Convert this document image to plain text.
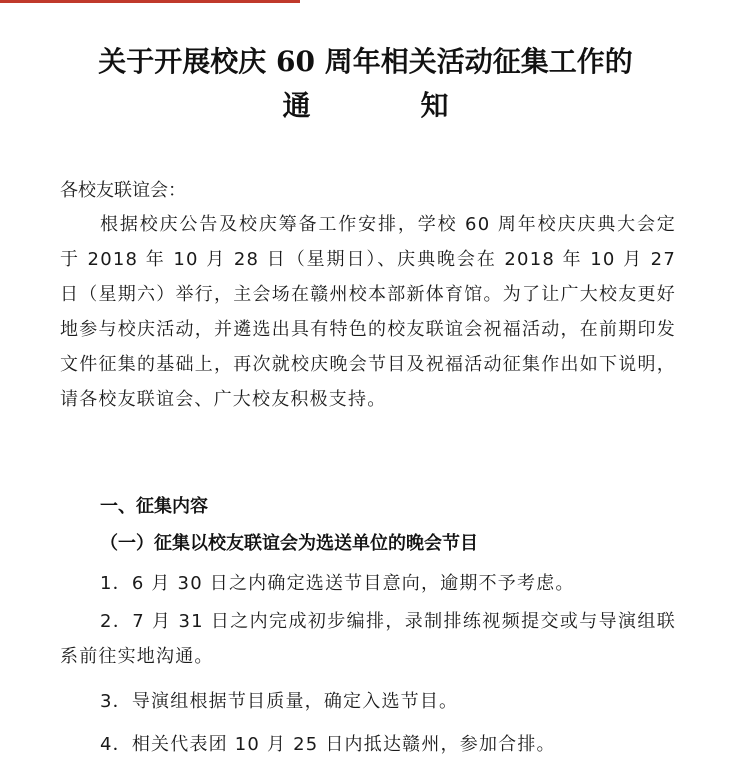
关于开展校庆 60 周年相关活动征集工作的
通	知
各校友联谊会：
根据校庆公告及校庆筹备工作安排，学校 60 周年校庆庆典大会定于 2018 年 10 月 28 日（星期日）、庆典晚会在 2018 年 10 月 27 日（星期六）举行，主会场在赣州校本部新体育馆。为了让广大校友更好地参与校庆活动，并遴选出具有特色的校友联谊会祝福活动，在前期印发文件征集的基础上，再次就校庆晚会节目及祝福活动征集作出如下说明，请各校友联谊会、广大校友积极支持。
一、征集内容
（一）征集以校友联谊会为选送单位的晚会节目
1．6 月 30 日之内确定选送节目意向，逾期不予考虑。
2．7 月 31 日之内完成初步编排，录制排练视频提交或与导演组联系前往实地沟通。
3．导演组根据节目质量，确定入选节目。
4．相关代表团 10 月 25 日内抵达赣州，参加合排。
